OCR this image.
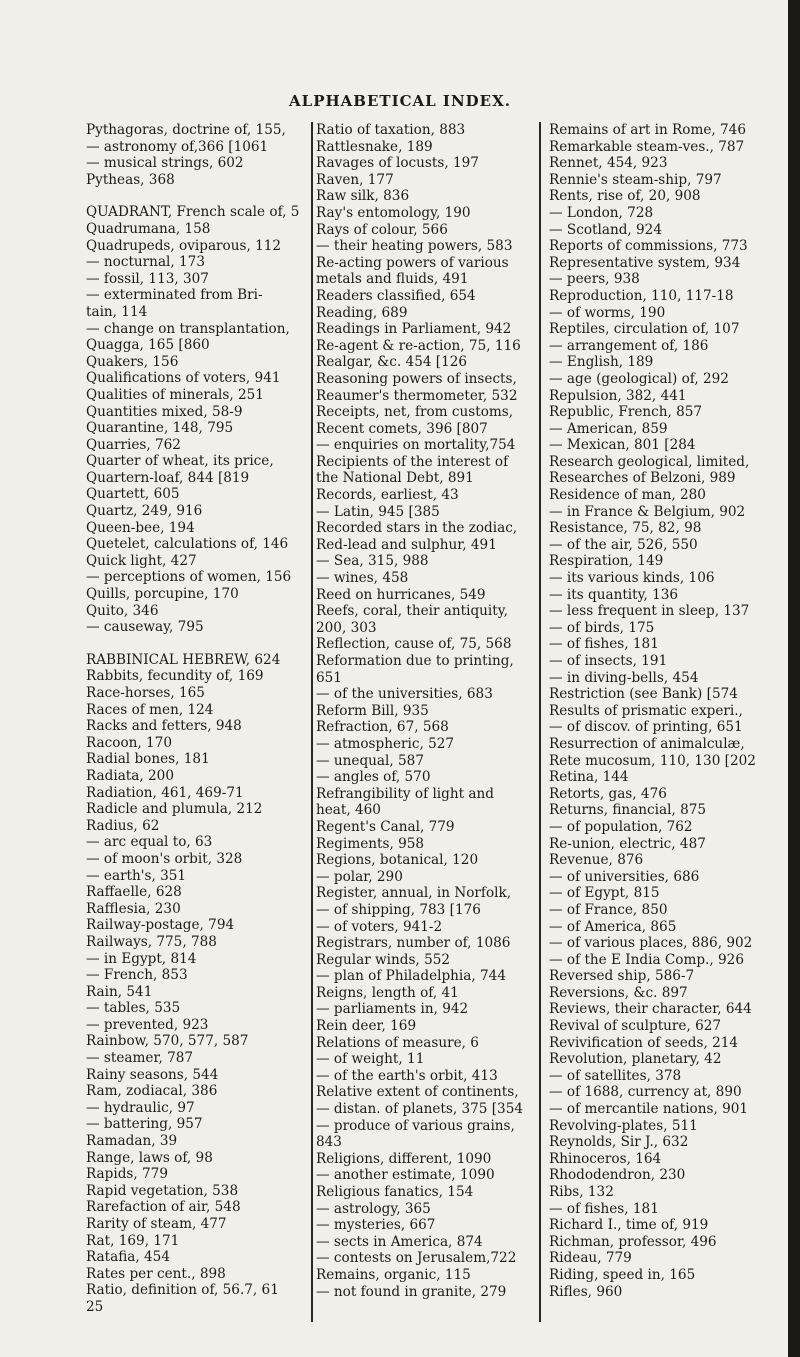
ALPHABETICAL INDEX.
Pythagoras, doctrine of, 155,
— astronomy of,366 [1061
— musical strings, 602
Pytheas, 368
QUADRANT, French scale of, 5
Quadrumana, 158
Quadrupeds, oviparous, 112
— nocturnal, 173
— fossil, 113, 307
— exterminated from Bri-
tain, 114
— change on transplantation,
Quagga, 165 [860
Quakers, 156
Qualifications of voters, 941
Qualities of minerals, 251
Quantities mixed, 58-9
Quarantine, 148, 795
Quarries, 762
Quarter of wheat, its price,
Quartern-loaf, 844 [819
Quartett, 605
Quartz, 249, 916
Queen-bee, 194
Quetelet, calculations of, 146
Quick light, 427
— perceptions of women, 156
Quills, porcupine, 170
Quito, 346
— causeway, 795
RABBINICAL HEBREW, 624
Rabbits, fecundity of, 169
Race-horses, 165
Races of men, 124
Racks and fetters, 948
Racoon, 170
Radial bones, 181
Radiata, 200
Radiation, 461, 469-71
Radicle and plumula, 212
Radius, 62
— arc equal to, 63
— of moon's orbit, 328
— earth's, 351
Raffaelle, 628
Rafflesia, 230
Railway-postage, 794
Railways, 775, 788
— in Egypt, 814
— French, 853
Rain, 541
— tables, 535
— prevented, 923
Rainbow, 570, 577, 587
— steamer, 787
Rainy seasons, 544
Ram, zodiacal, 386
— hydraulic, 97
— battering, 957
Ramadan, 39
Range, laws of, 98
Rapids, 779
Rapid vegetation, 538
Rarefaction of air, 548
Rarity of steam, 477
Rat, 169, 171
Ratafia, 454
Rates per cent., 898
Ratio, definition of, 56.7, 61
25
Ratio of taxation, 883
Rattlesnake, 189
Ravages of locusts, 197
Raven, 177
Raw silk, 836
Ray's entomology, 190
Rays of colour, 566
— their heating powers, 583
Re-acting powers of various
metals and fluids, 491
Readers classified, 654
Reading, 689
Readings in Parliament, 942
Re-agent & re-action, 75, 116
Realgar, &c. 454 [126
Reasoning powers of insects,
Reaumer's thermometer, 532
Receipts, net, from customs,
Recent comets, 396 [807
— enquiries on mortality,754
Recipients of the interest of
the National Debt, 891
Records, earliest, 43
— Latin, 945 [385
Recorded stars in the zodiac,
Red-lead and sulphur, 491
— Sea, 315, 988
— wines, 458
Reed on hurricanes, 549
Reefs, coral, their antiquity,
200, 303
Reflection, cause of, 75, 568
Reformation due to printing,
651
— of the universities, 683
Reform Bill, 935
Refraction, 67, 568
— atmospheric, 527
— unequal, 587
— angles of, 570
Refrangibility of light and
heat, 460
Regent's Canal, 779
Regiments, 958
Regions, botanical, 120
— polar, 290
Register, annual, in Norfolk,
— of shipping, 783 [176
— of voters, 941-2
Registrars, number of, 1086
Regular winds, 552
— plan of Philadelphia, 744
Reigns, length of, 41
— parliaments in, 942
Rein deer, 169
Relations of measure, 6
— of weight, 11
— of the earth's orbit, 413
Relative extent of continents,
— distan. of planets, 375 [354
— produce of various grains,
843
Religions, different, 1090
— another estimate, 1090
Religious fanatics, 154
— astrology, 365
— mysteries, 667
— sects in America, 874
— contests on Jerusalem,722
Remains, organic, 115
— not found in granite, 279
Remains of art in Rome, 746
Remarkable steam-ves., 787
Rennet, 454, 923
Rennie's steam-ship, 797
Rents, rise of, 20, 908
— London, 728
— Scotland, 924
Reports of commissions, 773
Representative system, 934
— peers, 938
Reproduction, 110, 117-18
— of worms, 190
Reptiles, circulation of, 107
— arrangement of, 186
— English, 189
— age (geological) of, 292
Repulsion, 382, 441
Republic, French, 857
— American, 859
— Mexican, 801 [284
Research geological, limited,
Researches of Belzoni, 989
Residence of man, 280
— in France & Belgium, 902
Resistance, 75, 82, 98
— of the air, 526, 550
Respiration, 149
— its various kinds, 106
— its quantity, 136
— less frequent in sleep, 137
— of birds, 175
— of fishes, 181
— of insects, 191
— in diving-bells, 454
Restriction (see Bank) [574
Results of prismatic experi.,
— of discov. of printing, 651
Resurrection of animalculæ,
Rete mucosum, 110, 130 [202
Retina, 144
Retorts, gas, 476
Returns, financial, 875
— of population, 762
Re-union, electric, 487
Revenue, 876
— of universities, 686
— of Egypt, 815
— of France, 850
— of America, 865
— of various places, 886, 902
— of the E India Comp., 926
Reversed ship, 586-7
Reversions, &c. 897
Reviews, their character, 644
Revival of sculpture, 627
Revivification of seeds, 214
Revolution, planetary, 42
— of satellites, 378
— of 1688, currency at, 890
— of mercantile nations, 901
Revolving-plates, 511
Reynolds, Sir J., 632
Rhinoceros, 164
Rhododendron, 230
Ribs, 132
— of fishes, 181
Richard I., time of, 919
Richman, professor, 496
Rideau, 779
Riding, speed in, 165
Rifles, 960
